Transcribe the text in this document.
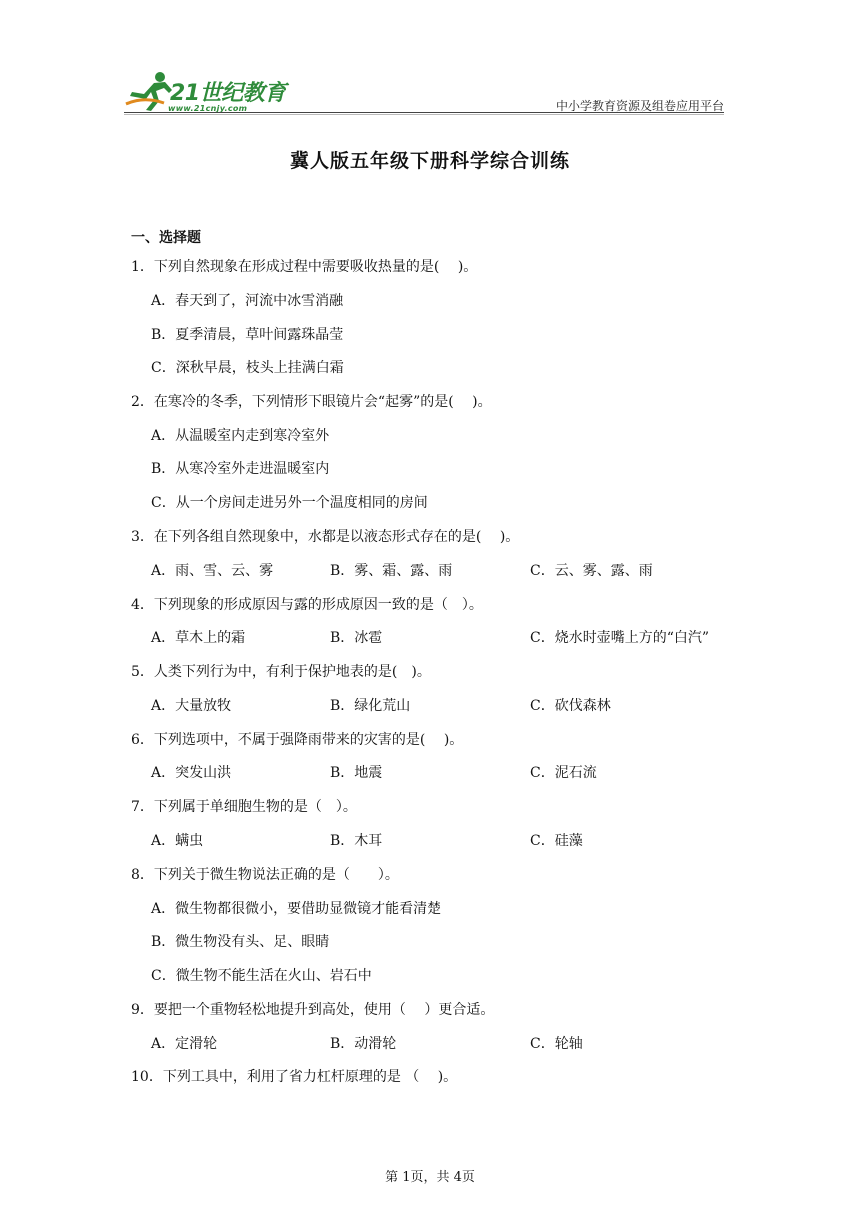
21世纪教育
www.21cnjy.com	中小学教育资源及组卷应用平台
冀人版五年级下册科学综合训练
一、选择题
1．下列自然现象在形成过程中需要吸收热量的是(　 )。
A．春天到了，河流中冰雪消融
B．夏季清晨，草叶间露珠晶莹
C．深秋早晨，枝头上挂满白霜
2．在寒冷的冬季，下列情形下眼镜片会“起雾”的是(　 )。
A．从温暖室内走到寒冷室外
B．从寒冷室外走进温暖室内
C．从一个房间走进另外一个温度相同的房间
3．在下列各组自然现象中，水都是以液态形式存在的是(　 )。
A．雨、雪、云、雾	B．雾、霜、露、雨	C．云、雾、露、雨
4．下列现象的形成原因与露的形成原因一致的是（　）。
A．草木上的霜	B．冰雹	C．烧水时壶嘴上方的“白汽”
5．人类下列行为中，有利于保护地表的是(　)。
A．大量放牧	B．绿化荒山	C．砍伐森林
6．下列选项中，不属于强降雨带来的灾害的是(　 )。
A．突发山洪	B．地震	C．泥石流
7．下列属于单细胞生物的是（　）。
A．螨虫	B．木耳	C．硅藻
8．下列关于微生物说法正确的是（　　）。
A．微生物都很微小，要借助显微镜才能看清楚
B．微生物没有头、足、眼睛
C．微生物不能生活在火山、岩石中
9．要把一个重物轻松地提升到高处，使用（　 ）更合适。
A．定滑轮	B．动滑轮	C．轮轴
10．下列工具中，利用了省力杠杆原理的是 （　 )。
第 1页，共 4页
